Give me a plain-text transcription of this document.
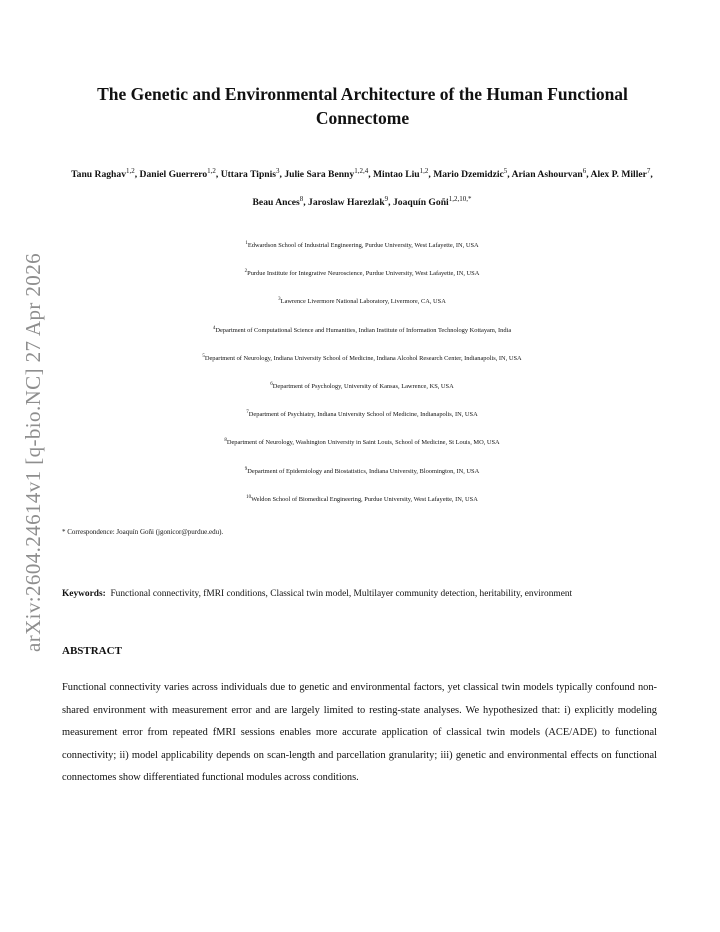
arXiv:2604.24614v1 [q-bio.NC] 27 Apr 2026
The Genetic and Environmental Architecture of the Human Functional Connectome

Tanu Raghav$^{1,2}$, Daniel Guerrero$^{1,2}$, Uttara Tipnis$^3$, Julie Sara Benny$^{1,2,4}$, Mintao Liu$^{1,2}$, Mario Dzemidzic$^5$, Arian Ashourvan$^6$, Alex P. Miller$^7$, Beau Ances$^8$, Jaroslaw Harezlak$^9$, Joaquín Goñi$^{1,2,10,*}$

$^1$Edwardson School of Industrial Engineering, Purdue University, West Lafayette, IN, USA
$^2$Purdue Institute for Integrative Neuroscience, Purdue University, West Lafayette, IN, USA
$^3$Lawrence Livermore National Laboratory, Livermore, CA, USA
$^4$Department of Computational Science and Humanities, Indian Institute of Information Technology Kottayam, India
$^5$Department of Neurology, Indiana University School of Medicine, Indiana Alcohol Research Center, Indianapolis, IN, USA
$^6$Department of Psychology, University of Kansas, Lawrence, KS, USA
$^7$Department of Psychiatry, Indiana University School of Medicine, Indianapolis, IN, USA
$^8$Department of Neurology, Washington University in Saint Louis, School of Medicine, St Louis, MO, USA
$^9$Department of Epidemiology and Biostatistics, Indiana University, Bloomington, IN, USA
$^{10}$Weldon School of Biomedical Engineering, Purdue University, West Lafayette, IN, USA
* Correspondence: Joaquín Goñi (jgonicor@purdue.edu).

Keywords: Functional connectivity, fMRI conditions, Classical twin model, Multilayer community detection, heritability, environment

ABSTRACT

Functional connectivity varies across individuals due to genetic and environmental factors, yet classical twin models typically confound non-shared environment with measurement error and are largely limited to resting-state analyses. We hypothesized that: i) explicitly modeling measurement error from repeated fMRI sessions enables more accurate application of classical twin models (ACE/ADE) to functional connectivity; ii) model applicability depends on scan-length and parcellation granularity; iii) genetic and environmental effects on functional connectomes show differentiated functional modules across conditions.
